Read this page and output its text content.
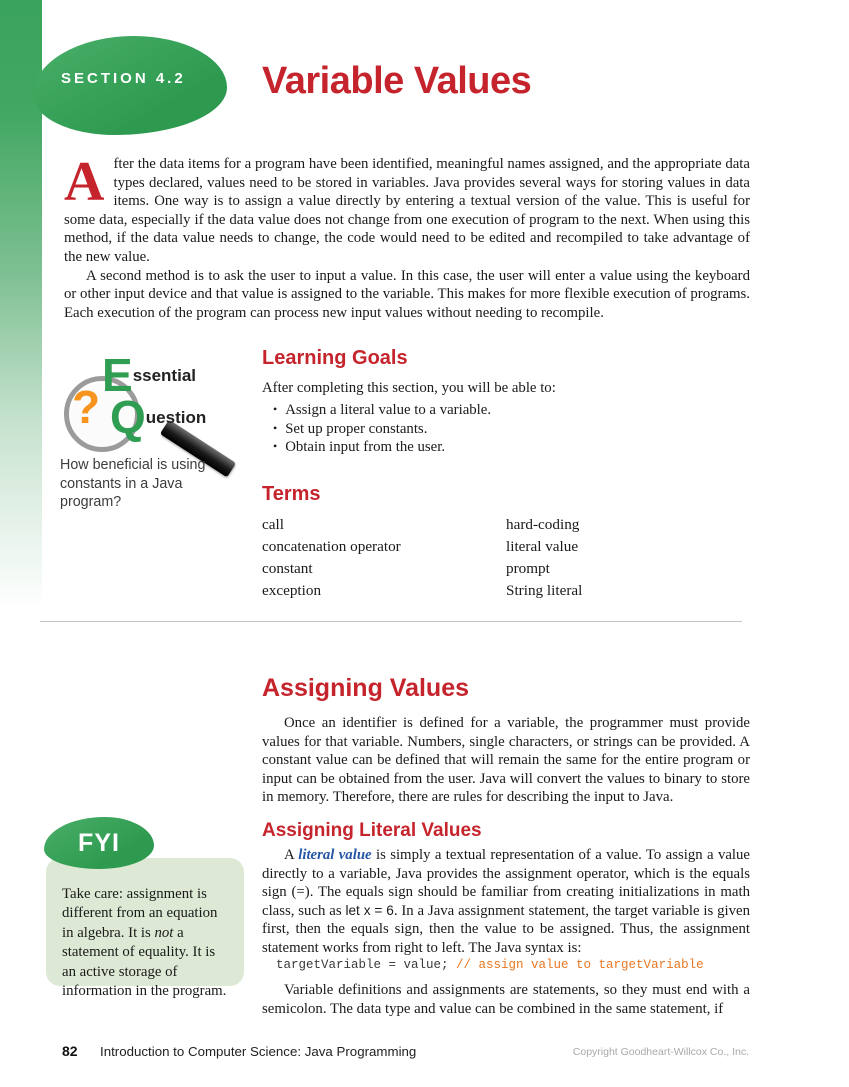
SECTION 4.2 Variable Values

After the data items for a program have been identified, meaningful names assigned, and the appropriate data types declared, values need to be stored in variables. Java provides several ways for storing values in data items. One way is to assign a value directly by entering a textual version of the value. This is useful for some data, especially if the data value does not change from one execution of program to the next. When using this method, if the data value needs to change, the code would need to be edited and recompiled to take advantage of the new value.

A second method is to ask the user to input a value. In this case, the user will enter a value using the keyboard or other input device and that value is assigned to the variable. This makes for more flexible execution of programs. Each execution of the program can process new input values without needing to recompile.

?
Essential
Question

How beneficial is using constants in a Java program?

Learning Goals

After completing this section, you will be able to:

• Assign a literal value to a variable.
• Set up proper constants.
• Obtain input from the user.
Terms

call

concatenation operator

constant

exception

hard-coding

literal value

prompt

String literal

Assigning Values

Once an identifier is defined for a variable, the programmer must provide values for that variable. Numbers, single characters, or strings can be provided. A constant value can be defined that will remain the same for the entire program or input can be obtained from the user. Java will convert the values to binary to store in memory. Therefore, there are rules for describing the input to Java.

Assigning Literal Values

A literal value is simply a textual representation of a value. To assign a value directly to a variable, Java provides the assignment operator, which is the equals sign (=). The equals sign should be familiar from creating initializations in math class, such as let x = 6. In a Java assignment statement, the target variable is given first, then the equals sign, then the value to be assigned. Thus, the assignment statement works from right to left. The Java syntax is:

targetVariable = value; // assign value to targetVariable

Variable definitions and assignments are statements, so they must end with a semicolon. The data type and value can be combined in the same statement, if

Take care: assignment is different from an equation in algebra. It is not a statement of equality. It is an active storage of information in the program.

FYI
82 Introduction to Computer Science: Java Programming	Copyright Goodheart-Willcox Co., Inc.
